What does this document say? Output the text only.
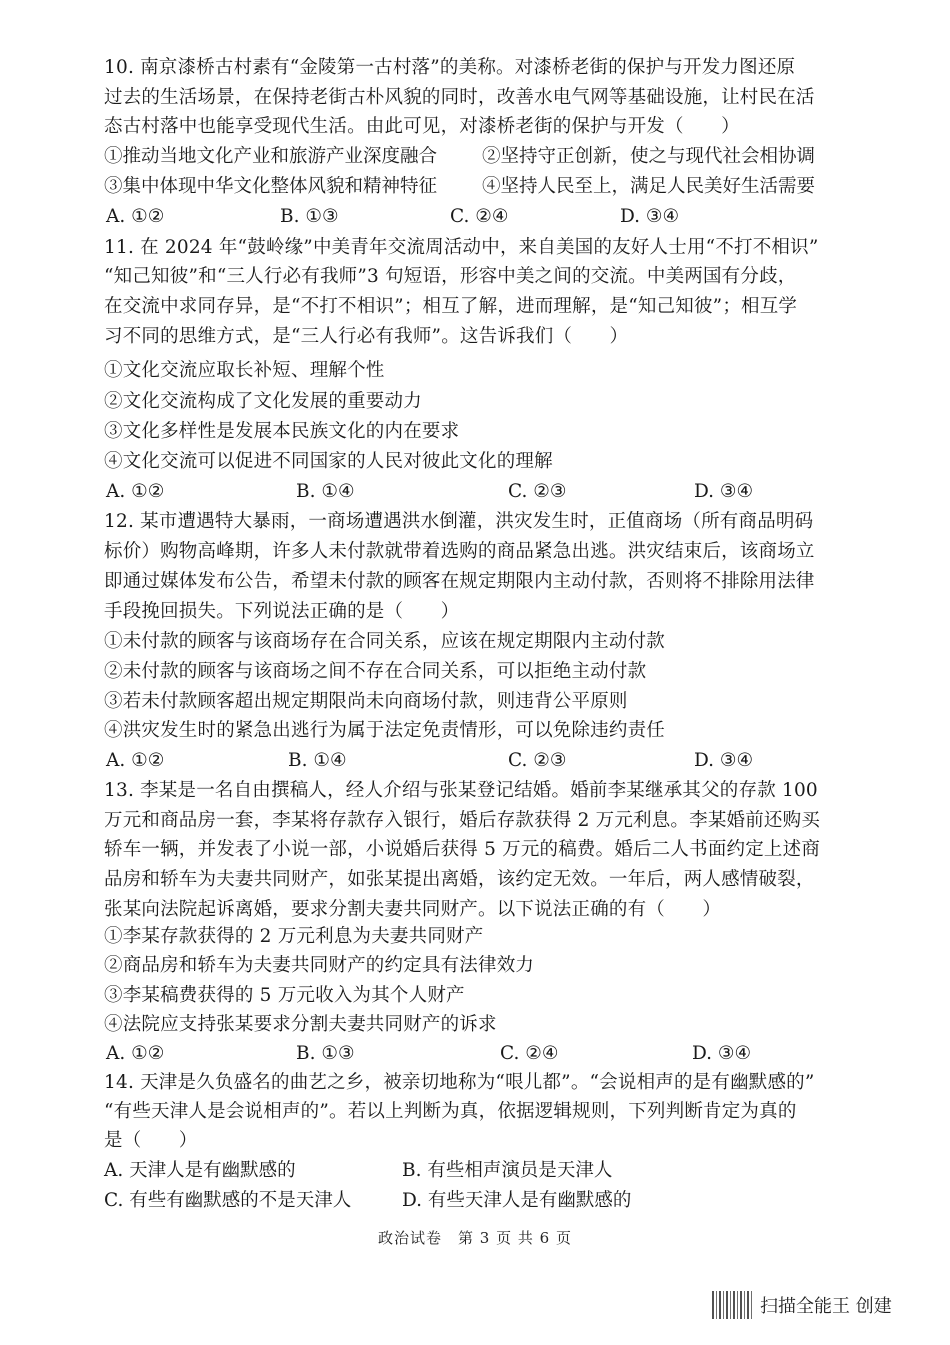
10. 南京漆桥古村素有“金陵第一古村落”的美称。对漆桥老街的保护与开发力图还原
过去的生活场景，在保持老街古朴风貌的同时，改善水电气网等基础设施，让村民在活
态古村落中也能享受现代生活。由此可见，对漆桥老街的保护与开发（　　）
①推动当地文化产业和旅游产业深度融合 ②坚持守正创新，使之与现代社会相协调
③集中体现中华文化整体风貌和精神特征 ④坚持人民至上，满足人民美好生活需要
A. ①②	B. ①③	C. ②④	D. ③④
11. 在 2024 年“鼓岭缘”中美青年交流周活动中，来自美国的友好人士用“不打不相识”
“知己知彼”和“三人行必有我师”3 句短语，形容中美之间的交流。中美两国有分歧，
在交流中求同存异，是“不打不相识”；相互了解，进而理解，是“知己知彼”；相互学
习不同的思维方式，是“三人行必有我师”。这告诉我们（　　）
①文化交流应取长补短、理解个性
②文化交流构成了文化发展的重要动力
③文化多样性是发展本民族文化的内在要求
④文化交流可以促进不同国家的人民对彼此文化的理解
A. ①②	B. ①④	C. ②③	D. ③④
12. 某市遭遇特大暴雨，一商场遭遇洪水倒灌，洪灾发生时，正值商场（所有商品明码
标价）购物高峰期，许多人未付款就带着选购的商品紧急出逃。洪灾结束后，该商场立
即通过媒体发布公告，希望未付款的顾客在规定期限内主动付款，否则将不排除用法律
手段挽回损失。下列说法正确的是（　　）
①未付款的顾客与该商场存在合同关系，应该在规定期限内主动付款
②未付款的顾客与该商场之间不存在合同关系，可以拒绝主动付款
③若未付款顾客超出规定期限尚未向商场付款，则违背公平原则
④洪灾发生时的紧急出逃行为属于法定免责情形，可以免除违约责任
A. ①②	B. ①④	C. ②③	D. ③④
13. 李某是一名自由撰稿人，经人介绍与张某登记结婚。婚前李某继承其父的存款 100
万元和商品房一套，李某将存款存入银行，婚后存款获得 2 万元利息。李某婚前还购买
轿车一辆，并发表了小说一部，小说婚后获得 5 万元的稿费。婚后二人书面约定上述商
品房和轿车为夫妻共同财产，如张某提出离婚，该约定无效。一年后，两人感情破裂，
张某向法院起诉离婚，要求分割夫妻共同财产。以下说法正确的有（　　）
①李某存款获得的 2 万元利息为夫妻共同财产
②商品房和轿车为夫妻共同财产的约定具有法律效力
③李某稿费获得的 5 万元收入为其个人财产
④法院应支持张某要求分割夫妻共同财产的诉求
A. ①②	B. ①③	C. ②④	D. ③④
14. 天津是久负盛名的曲艺之乡，被亲切地称为“哏儿都”。“会说相声的是有幽默感的”
“有些天津人是会说相声的”。若以上判断为真，依据逻辑规则，下列判断肯定为真的
是（　　）
A. 天津人是有幽默感的	B. 有些相声演员是天津人
C. 有些有幽默感的不是天津人	D. 有些天津人是有幽默感的
政治试卷　第 3 页 共 6 页
扫描全能王 创建
